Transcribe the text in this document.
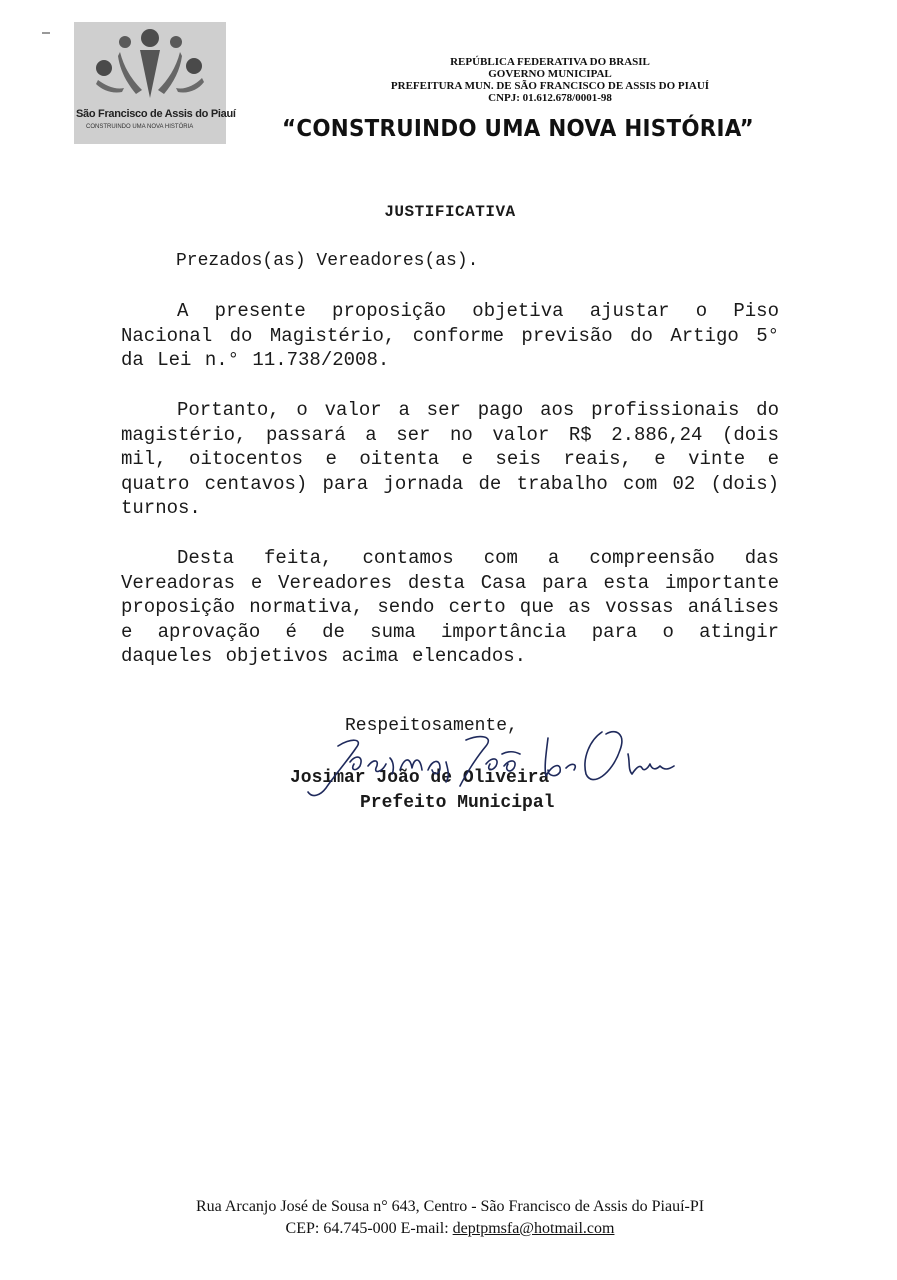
São Francisco de Assis do Piauí
CONSTRUINDO UMA NOVA HISTÓRIA
REPÚBLICA FEDERATIVA DO BRASIL
GOVERNO MUNICIPAL
PREFEITURA MUN. DE SÃO FRANCISCO DE ASSIS DO PIAUÍ
CNPJ: 01.612.678/0001-98
“CONSTRUINDO UMA NOVA HISTÓRIA”
JUSTIFICATIVA
Prezados(as) Vereadores(as).
A presente proposição objetiva ajustar o Piso Nacional do Magistério, conforme previsão do Artigo 5° da Lei n.° 11.738/2008.
Portanto, o valor a ser pago aos profissionais do magistério, passará a ser no valor R$ 2.886,24 (dois mil, oitocentos e oitenta e seis reais, e vinte e quatro centavos) para jornada de trabalho com 02 (dois) turnos.
Desta feita, contamos com a compreensão das Vereadoras e Vereadores desta Casa para esta importante proposição normativa, sendo certo que as vossas análises e aprovação é de suma importância para o atingir daqueles objetivos acima elencados.
Respeitosamente,
Josimar João de Oliveira
Prefeito Municipal
Rua Arcanjo José de Sousa n° 643, Centro - São Francisco de Assis do Piauí-PI
CEP: 64.745-000 E-mail: deptpmsfa@hotmail.com
